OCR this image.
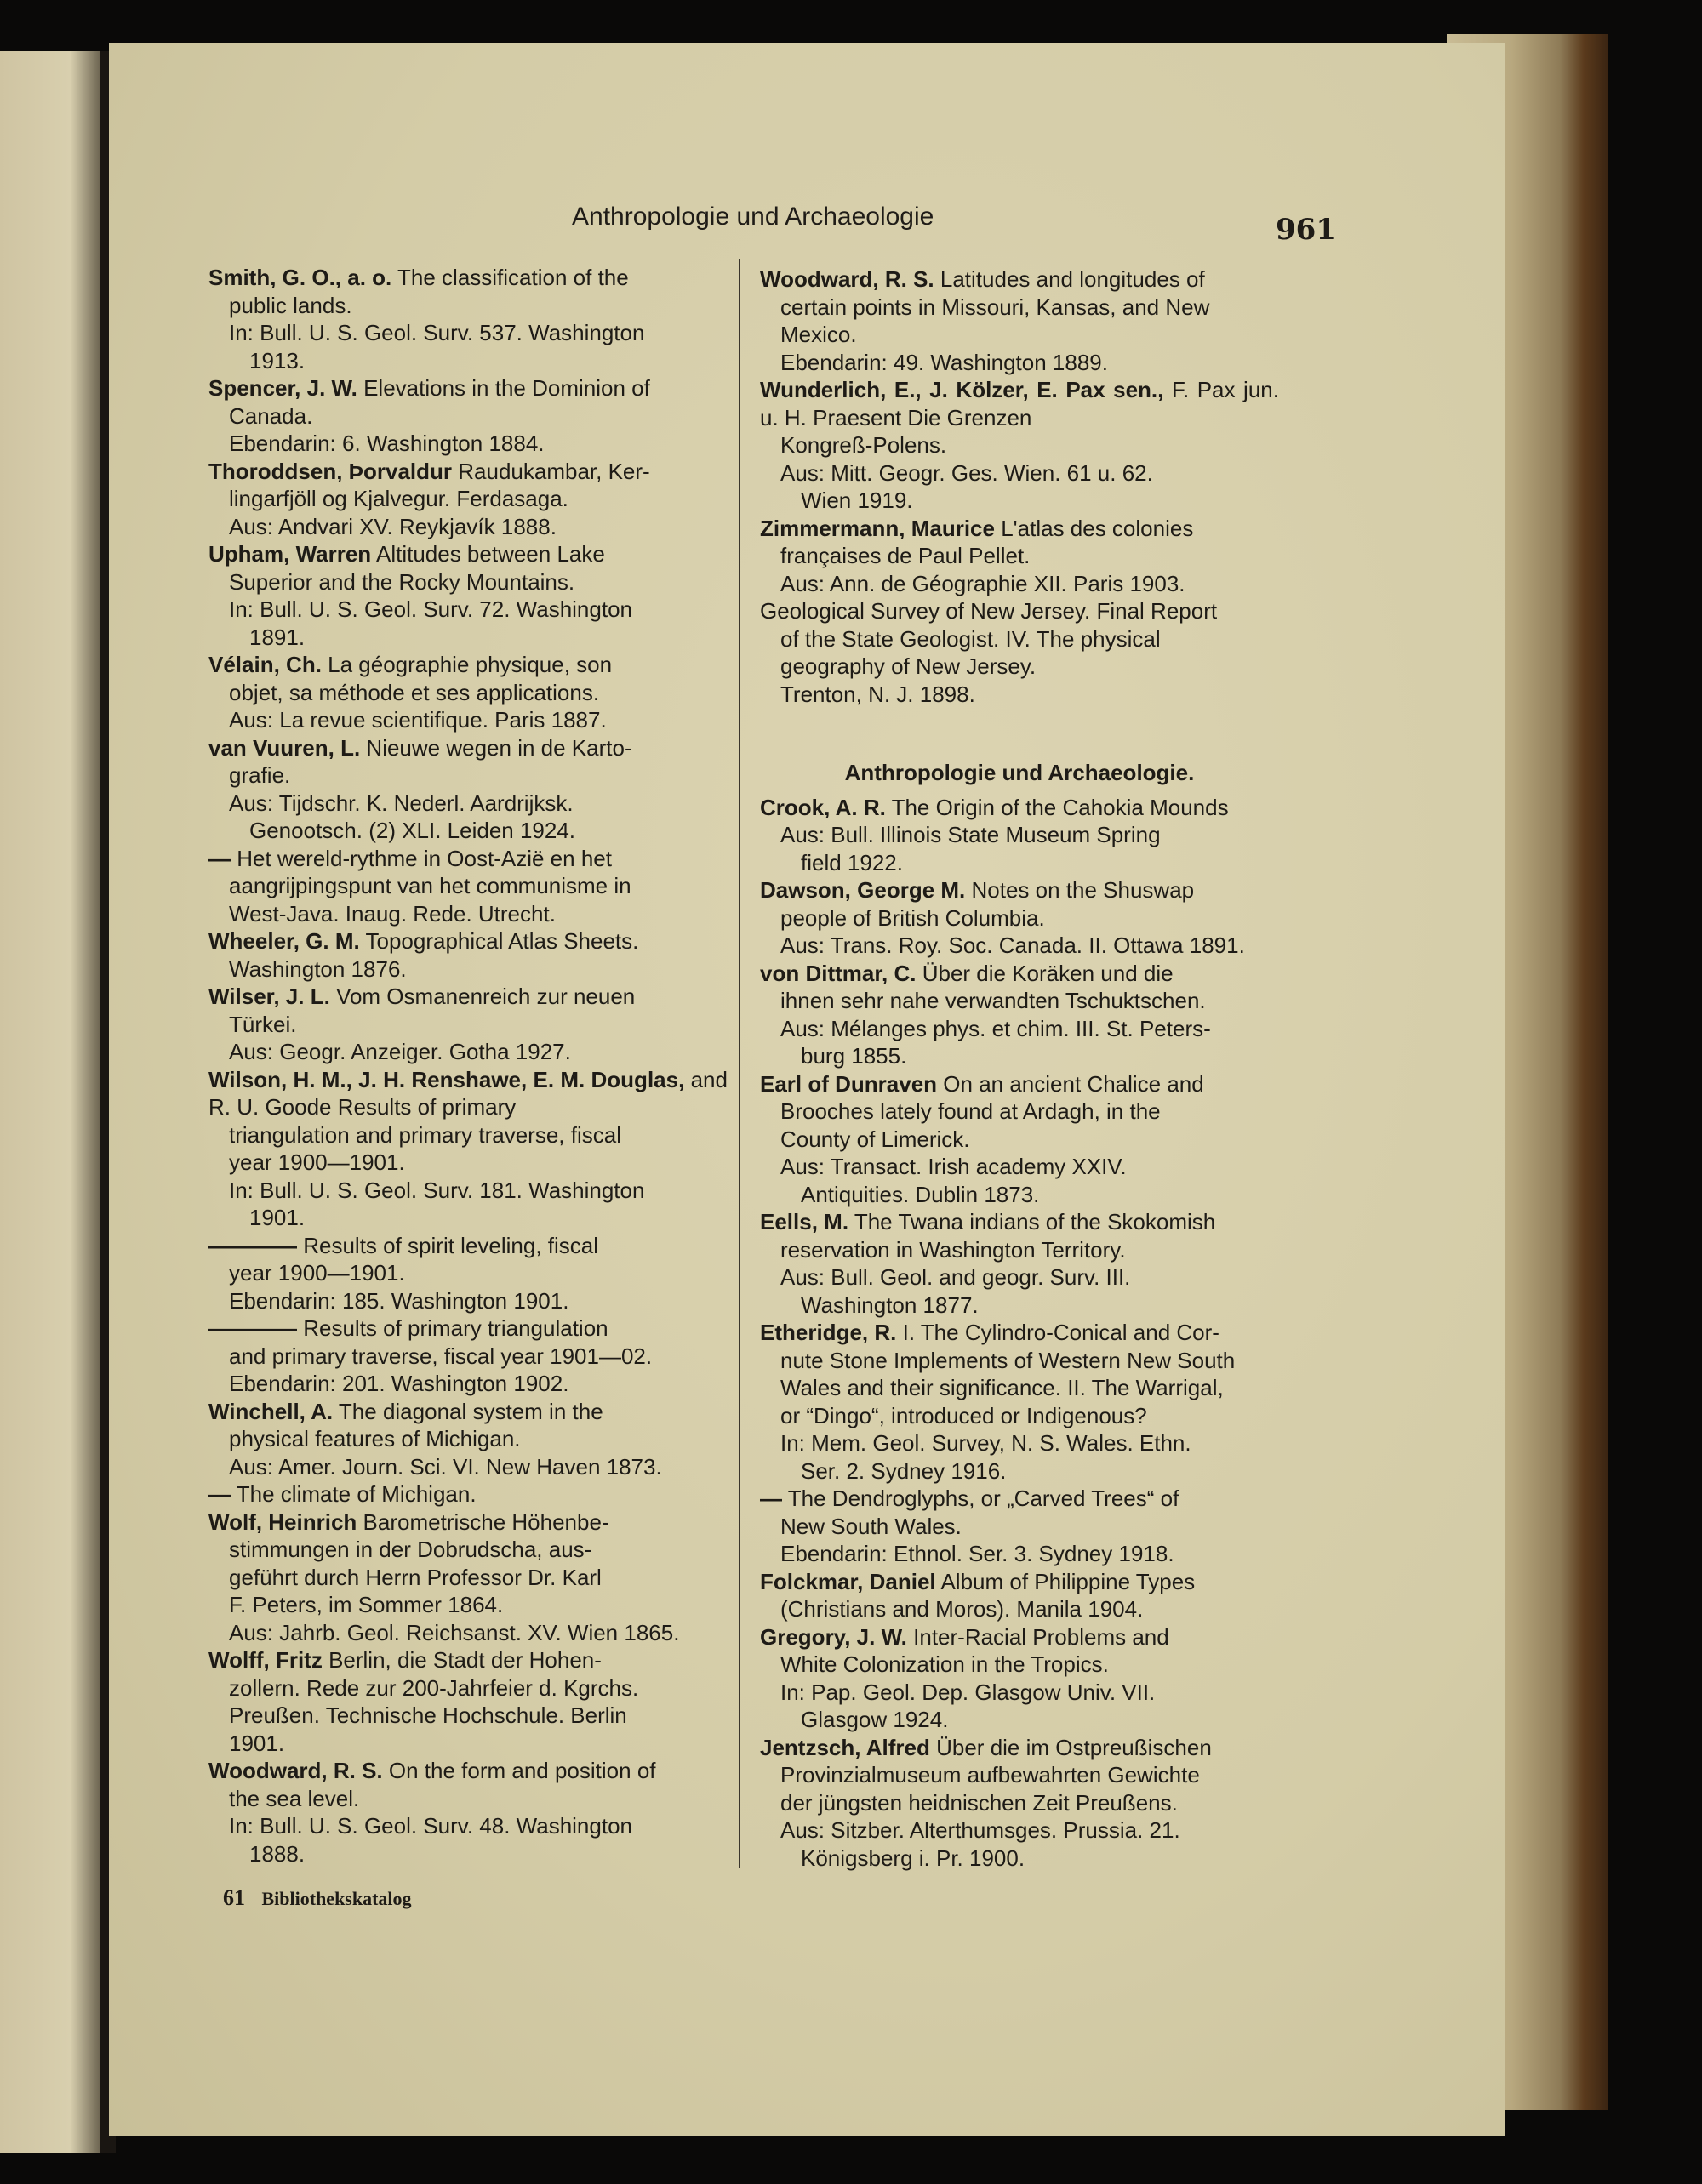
Anthropologie und Archaeologie	961
Smith, G. O., a. o. The classification of the
public lands.
In: Bull. U. S. Geol. Surv. 537. Washington
1913.
Spencer, J. W. Elevations in the Dominion of
Canada.
Ebendarin: 6. Washington 1884.
Thoroddsen, Þorvaldur Raudukambar, Ker-
lingarfjöll og Kjalvegur. Ferdasaga.
Aus: Andvari XV. Reykjavík 1888.
Upham, Warren Altitudes between Lake
Superior and the Rocky Mountains.
In: Bull. U. S. Geol. Surv. 72. Washington
1891.
Vélain, Ch. La géographie physique, son
objet, sa méthode et ses applications.
Aus: La revue scientifique. Paris 1887.
van Vuuren, L. Nieuwe wegen in de Karto-
grafie.
Aus: Tijdschr. K. Nederl. Aardrijksk.
Genootsch. (2) XLI. Leiden 1924.
— Het wereld-rythme in Oost-Azië en het
aangrijpingspunt van het communisme in
West-Java. Inaug. Rede. Utrecht.
Wheeler, G. M. Topographical Atlas Sheets.
Washington 1876.
Wilser, J. L. Vom Osmanenreich zur neuen
Türkei.
Aus: Geogr. Anzeiger. Gotha 1927.
Wilson, H. M., J. H. Renshawe, E. M. Douglas, and R. U. Goode Results of primary
triangulation and primary traverse, fiscal
year 1900—1901.
In: Bull. U. S. Geol. Surv. 181. Washington
1901.
———— Results of spirit leveling, fiscal
year 1900—1901.
Ebendarin: 185. Washington 1901.
———— Results of primary triangulation
and primary traverse, fiscal year 1901—02.
Ebendarin: 201. Washington 1902.
Winchell, A. The diagonal system in the
physical features of Michigan.
Aus: Amer. Journ. Sci. VI. New Haven 1873.
— The climate of Michigan.
Wolf, Heinrich Barometrische Höhenbe-
stimmungen in der Dobrudscha, aus-
geführt durch Herrn Professor Dr. Karl
F. Peters, im Sommer 1864.
Aus: Jahrb. Geol. Reichsanst. XV. Wien 1865.
Wolff, Fritz Berlin, die Stadt der Hohen-
zollern. Rede zur 200-Jahrfeier d. Kgrchs.
Preußen. Technische Hochschule. Berlin
1901.
Woodward, R. S. On the form and position of
the sea level.
In: Bull. U. S. Geol. Surv. 48. Washington
1888.
Woodward, R. S. Latitudes and longitudes of
certain points in Missouri, Kansas, and New
Mexico.
Ebendarin: 49. Washington 1889.
Wunderlich, E., J. Kölzer, E. Pax sen., F. Pax jun. u. H. Praesent Die Grenzen
Kongreß-Polens.
Aus: Mitt. Geogr. Ges. Wien. 61 u. 62.
Wien 1919.
Zimmermann, Maurice L'atlas des colonies
françaises de Paul Pellet.
Aus: Ann. de Géographie XII. Paris 1903.
Geological Survey of New Jersey. Final Report
of the State Geologist. IV. The physical
geography of New Jersey.
Trenton, N. J. 1898.
Anthropologie und Archaeologie.
Crook, A. R. The Origin of the Cahokia Mounds
Aus: Bull. Illinois State Museum Spring
field 1922.
Dawson, George M. Notes on the Shuswap
people of British Columbia.
Aus: Trans. Roy. Soc. Canada. II. Ottawa 1891.
von Dittmar, C. Über die Koräken und die
ihnen sehr nahe verwandten Tschuktschen.
Aus: Mélanges phys. et chim. III. St. Peters-
burg 1855.
Earl of Dunraven On an ancient Chalice and
Brooches lately found at Ardagh, in the
County of Limerick.
Aus: Transact. Irish academy XXIV.
Antiquities. Dublin 1873.
Eells, M. The Twana indians of the Skokomish
reservation in Washington Territory.
Aus: Bull. Geol. and geogr. Surv. III.
Washington 1877.
Etheridge, R. I. The Cylindro-Conical and Cor-
nute Stone Implements of Western New South
Wales and their significance. II. The Warrigal,
or “Dingo“, introduced or Indigenous?
In: Mem. Geol. Survey, N. S. Wales. Ethn.
Ser. 2. Sydney 1916.
— The Dendroglyphs, or „Carved Trees“ of
New South Wales.
Ebendarin: Ethnol. Ser. 3. Sydney 1918.
Folckmar, Daniel Album of Philippine Types
(Christians and Moros). Manila 1904.
Gregory, J. W. Inter-Racial Problems and
White Colonization in the Tropics.
In: Pap. Geol. Dep. Glasgow Univ. VII.
Glasgow 1924.
Jentzsch, Alfred Über die im Ostpreußischen
Provinzialmuseum aufbewahrten Gewichte
der jüngsten heidnischen Zeit Preußens.
Aus: Sitzber. Alterthumsges. Prussia. 21.
Königsberg i. Pr. 1900.
61 Bibliothekskatalog
